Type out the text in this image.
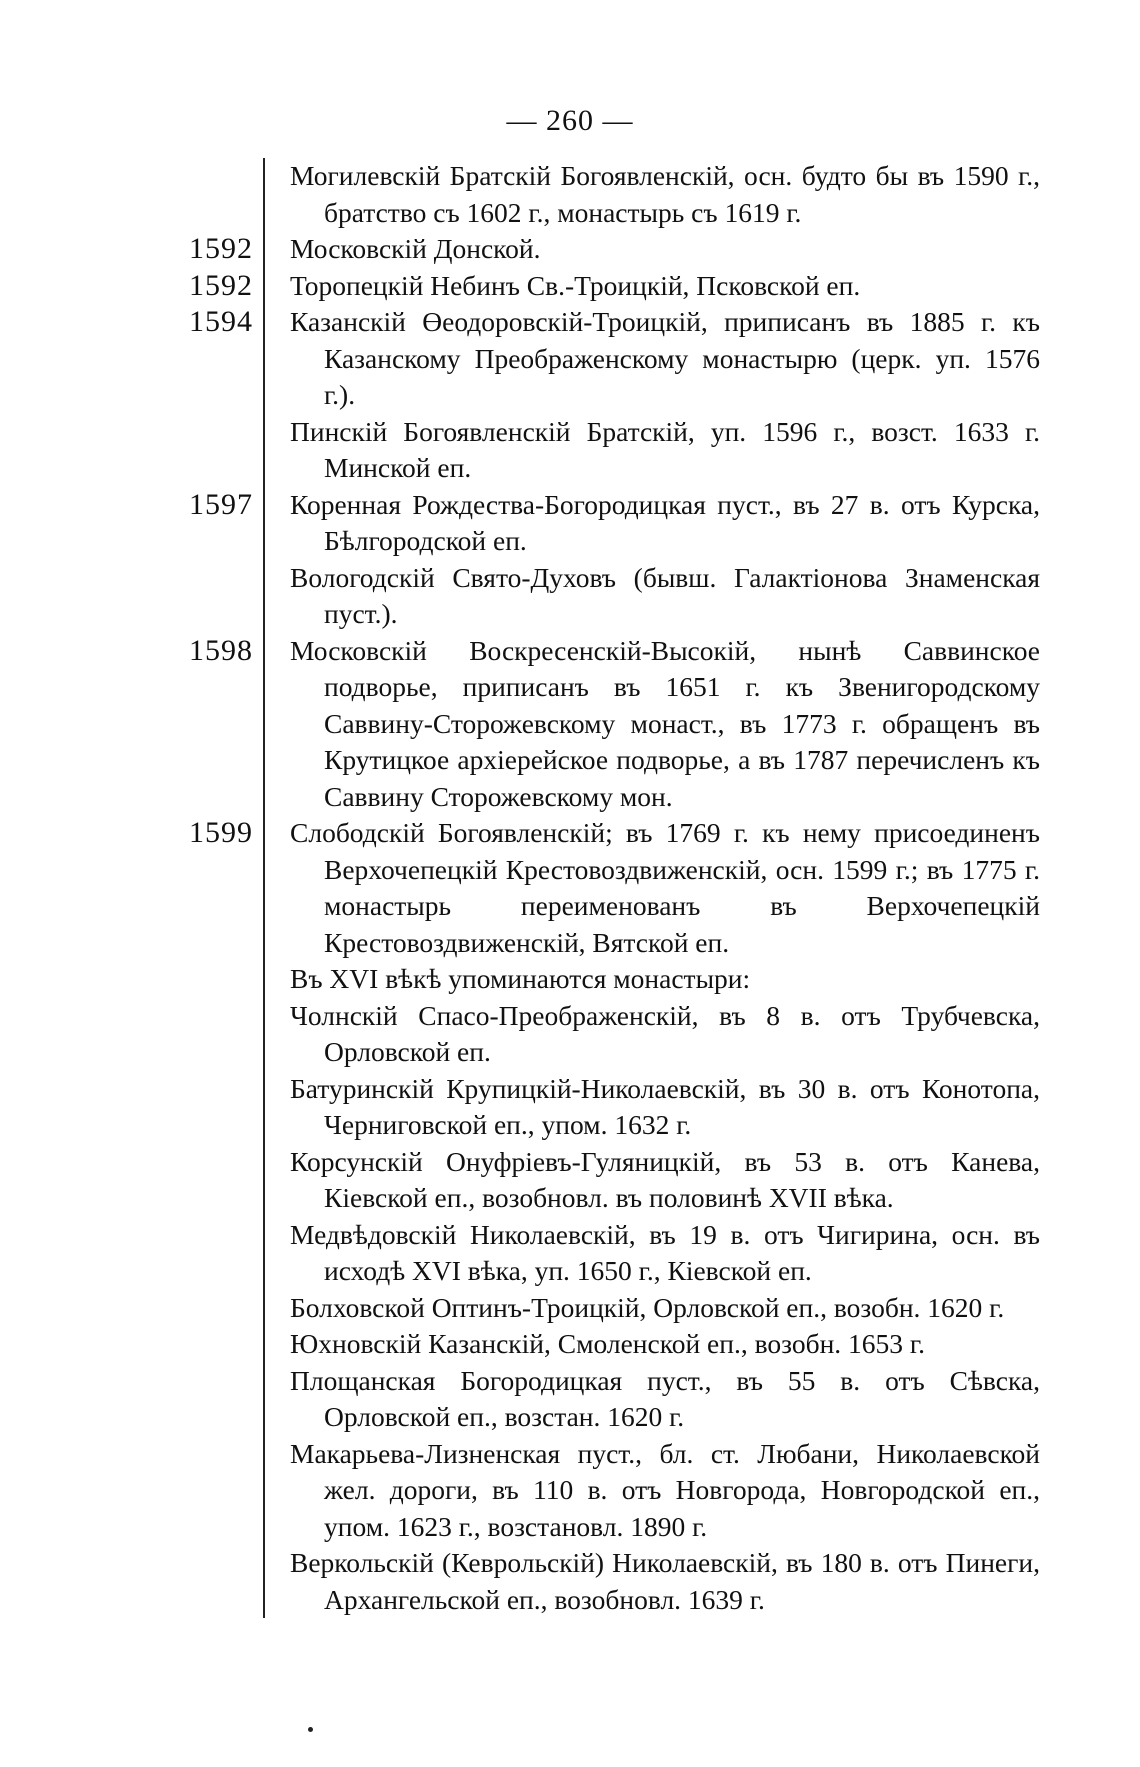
— 260 —
Могилевскій Братскій Богоявленскій, осн. будто бы въ 1590 г., братство съ 1602 г., монастырь съ 1619 г.
1592	Московскій Донской.
1592	Торопецкій Небинъ Св.-Троицкій, Псковской еп.
1594	Казанскій Өеодоровскій-Троицкій, приписанъ въ 1885 г. къ Казанскому Преображенскому монастырю (церк. уп. 1576 г.).
Пинскій Богоявленскій Братскій, уп. 1596 г., возст. 1633 г. Минской еп.
1597	Коренная Рождества-Богородицкая пуст., въ 27 в. отъ Курска, Бѣлгородской еп.
Вологодскій Свято-Духовъ (бывш. Галактіонова Знаменская пуст.).
1598	Московскій Воскресенскій-Высокій, нынѣ Саввинское подворье, приписанъ въ 1651 г. къ Звенигородскому Саввину-Сторожевскому монаст., въ 1773 г. обращенъ въ Крутицкое архіерейское подворье, а въ 1787 перечисленъ къ Саввину Сторожевскому мон.
1599	Слободскій Богоявленскій; въ 1769 г. къ нему присоединенъ Верхочепецкій Крестовоздвиженскій, осн. 1599 г.; въ 1775 г. монастырь переименованъ въ Верхочепецкій Крестовоздвиженскій, Вятской еп.
Въ XVI вѣкѣ упоминаются монастыри:
Чолнскій Спасо-Преображенскій, въ 8 в. отъ Трубчевска, Орловской еп.
Батуринскій Крупицкій-Николаевскій, въ 30 в. отъ Конотопа, Черниговской еп., упом. 1632 г.
Корсунскій Онуфріевъ-Гуляницкій, въ 53 в. отъ Канева, Кіевской еп., возобновл. въ половинѣ XVII вѣка.
Медвѣдовскій Николаевскій, въ 19 в. отъ Чигирина, осн. въ исходѣ XVI вѣка, уп. 1650 г., Кіевской еп.
Болховской Оптинъ-Троицкій, Орловской еп., возобн. 1620 г.
Юхновскій Казанскій, Смоленской еп., возобн. 1653 г.
Площанская Богородицкая пуст., въ 55 в. отъ Сѣвска, Орловской еп., возстан. 1620 г.
Макарьева-Лизненская пуст., бл. ст. Любани, Николаевской жел. дороги, въ 110 в. отъ Новгорода, Новгородской еп., упом. 1623 г., возстановл. 1890 г.
Веркольскій (Кеврольскій) Николаевскій, въ 180 в. отъ Пинеги, Архангельской еп., возобновл. 1639 г.
